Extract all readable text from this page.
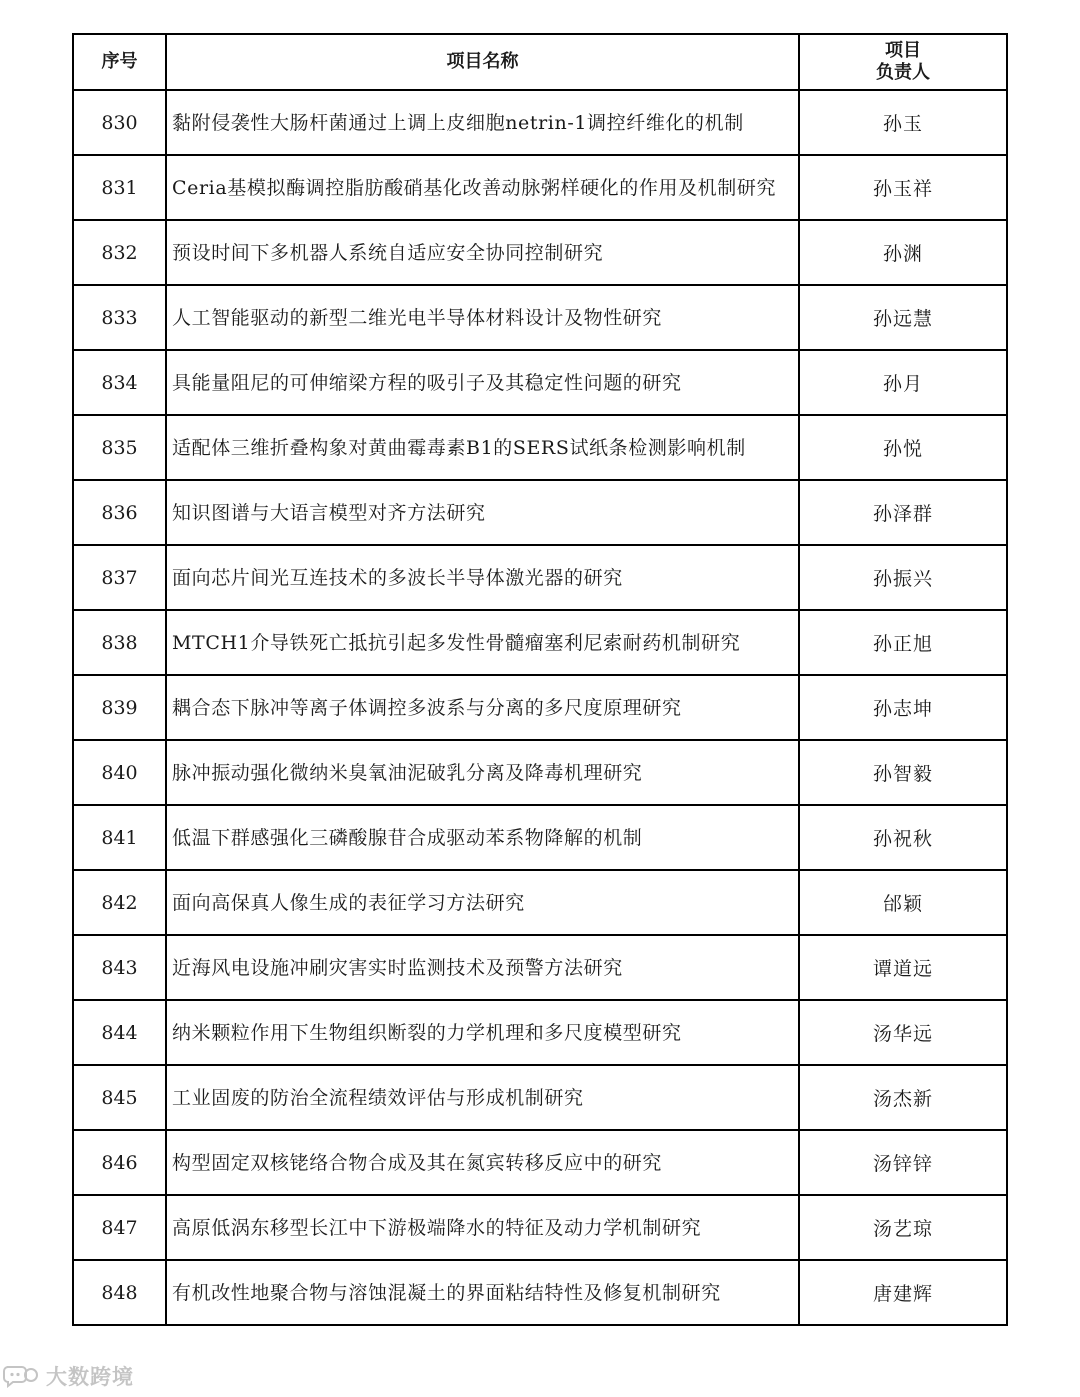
序号	项目名称	项目
负责人

830	黏附侵袭性大肠杆菌通过上调上皮细胞netrin-1调控纤维化的机制	孙玉
831	Ceria基模拟酶调控脂肪酸硝基化改善动脉粥样硬化的作用及机制研究	孙玉祥
832	预设时间下多机器人系统自适应安全协同控制研究	孙渊
833	人工智能驱动的新型二维光电半导体材料设计及物性研究	孙远慧
834	具能量阻尼的可伸缩梁方程的吸引子及其稳定性问题的研究	孙月
835	适配体三维折叠构象对黄曲霉毒素B1的SERS试纸条检测影响机制	孙悦
836	知识图谱与大语言模型对齐方法研究	孙泽群
837	面向芯片间光互连技术的多波长半导体激光器的研究	孙振兴
838	MTCH1介导铁死亡抵抗引起多发性骨髓瘤塞利尼索耐药机制研究	孙正旭
839	耦合态下脉冲等离子体调控多波系与分离的多尺度原理研究	孙志坤
840	脉冲振动强化微纳米臭氧油泥破乳分离及降毒机理研究	孙智毅
841	低温下群感强化三磷酸腺苷合成驱动苯系物降解的机制	孙祝秋
842	面向高保真人像生成的表征学习方法研究	邰颖
843	近海风电设施冲刷灾害实时监测技术及预警方法研究	谭道远
844	纳米颗粒作用下生物组织断裂的力学机理和多尺度模型研究	汤华远
845	工业固废的防治全流程绩效评估与形成机制研究	汤杰新
846	构型固定双核铑络合物合成及其在氮宾转移反应中的研究	汤锌锌
847	高原低涡东移型长江中下游极端降水的特征及动力学机制研究	汤艺琼
848	有机改性地聚合物与溶蚀混凝土的界面粘结特性及修复机制研究	唐建辉
大数跨境
